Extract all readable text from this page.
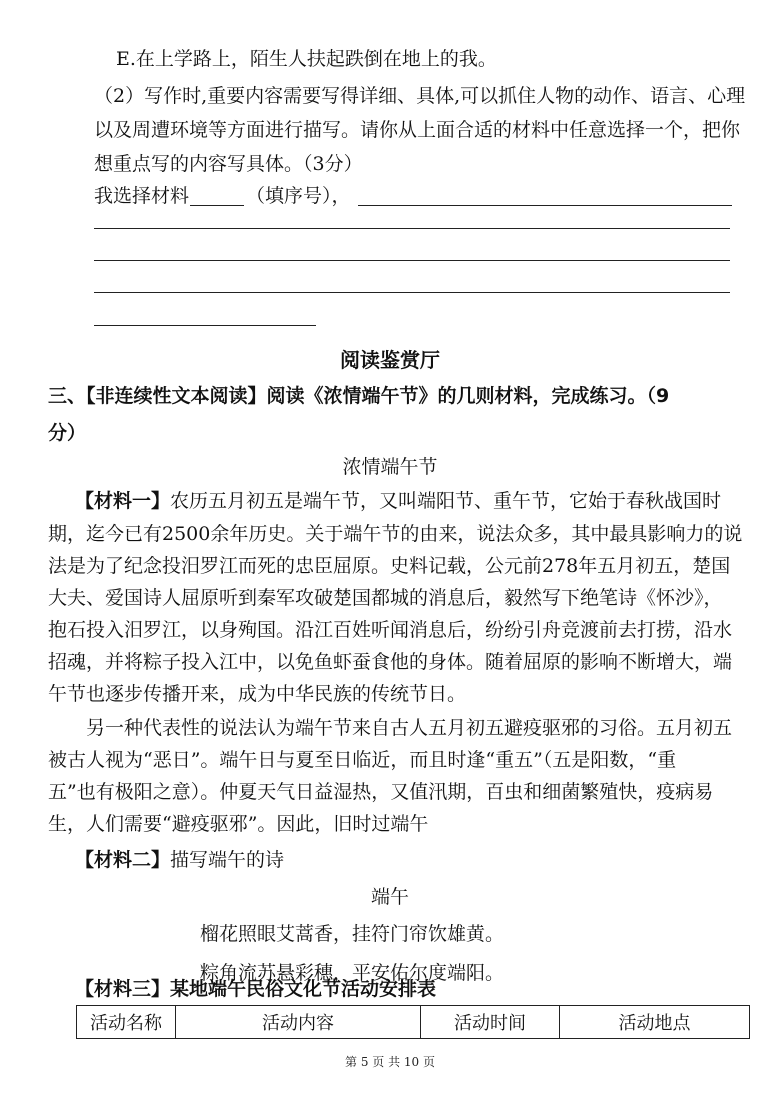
E.在上学路上，陌生人扶起跌倒在地上的我。
（2）写作时,重要内容需要写得详细、具体,可以抓住人物的动作、语言、心理
以及周遭环境等方面进行描写。请你从上面合适的材料中任意选择一个，把你
想重点写的内容写具体。（3分）
我选择材料	（填序号），
阅读鉴赏厅
三、【非连续性文本阅读】阅读《浓情端午节》的几则材料，完成练习。（9
分）
浓情端午节
【材料一】农历五月初五是端午节，又叫端阳节、重午节，它始于春秋战国时
期，迄今已有2500余年历史。关于端午节的由来，说法众多，其中最具影响力的说
法是为了纪念投汨罗江而死的忠臣屈原。史料记载，公元前278年五月初五，楚国
大夫、爱国诗人屈原听到秦军攻破楚国都城的消息后，毅然写下绝笔诗《怀沙》，
抱石投入汨罗江，以身殉国。沿江百姓听闻消息后，纷纷引舟竞渡前去打捞，沿水
招魂，并将粽子投入江中，以免鱼虾蚕食他的身体。随着屈原的影响不断增大，端
午节也逐步传播开来，成为中华民族的传统节日。
另一种代表性的说法认为端午节来自古人五月初五避疫驱邪的习俗。五月初五
被古人视为“恶日”。端午日与夏至日临近，而且时逢“重五”（五是阳数，“重
五”也有极阳之意）。仲夏天气日益湿热，又值汛期，百虫和细菌繁殖快，疫病易
生，人们需要“避疫驱邪”。因此，旧时过端午
【材料二】描写端午的诗
端午
榴花照眼艾蒿香，挂符门帘饮雄黄。
粽角流苏悬彩穗，平安佑尔度端阳。
【材料三】某地端午民俗文化节活动安排表
活动名称	活动内容	活动时间	活动地点
第 5 页 共 10 页
